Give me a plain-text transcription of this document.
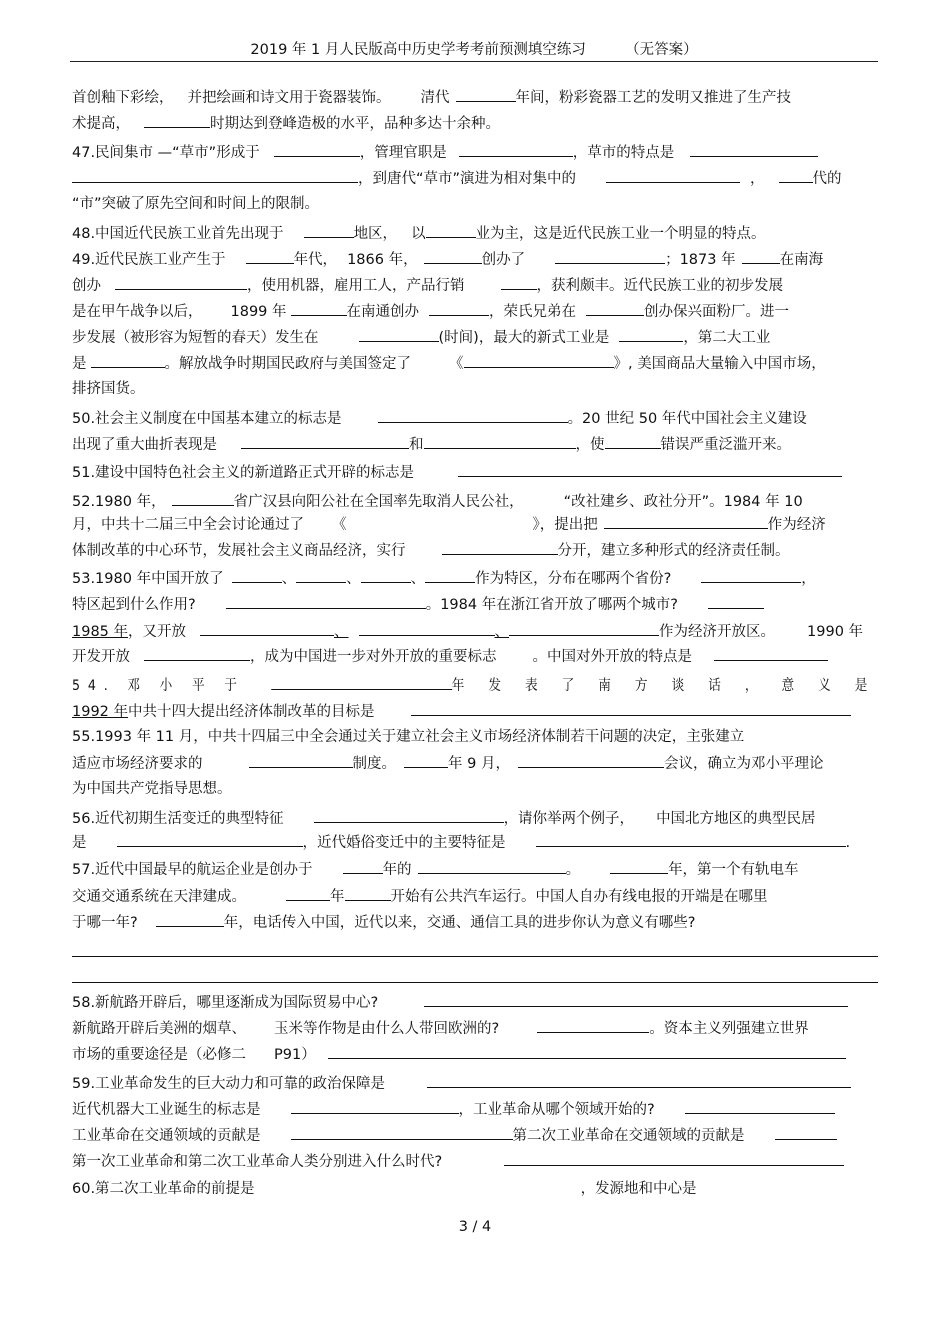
2019 年 1 月人民版高中历史学考考前预测填空练习	（无答案）
首创釉下彩绘， 并把绘画和诗文用于瓷器装饰。 清代	年间，粉彩瓷器工艺的发明又推进了生产技
术提高，	时期达到登峰造极的水平，品种多达十余种。
47.民间集市 —“草市”形成于	，管理官职是	，草市的特点是
，到唐代“草市”演进为相对集中的	，	代的
“市”突破了原先空间和时间上的限制。
48.中国近代民族工业首先出现于	地区， 以	业为主，这是近代民族工业一个明显的特点。
49.近代民族工业产生于	年代， 1866 年，	创办了	；1873 年	在南海
创办	，使用机器，雇用工人，产品行销	，获利颇丰。近代民族工业的初步发展
是在甲午战争以后， 1899 年	在南通创办	，荣氏兄弟在	创办保兴面粉厂。进一
步发展（被形容为短暂的春天）发生在	(时间)，最大的新式工业是	，第二大工业
是	。解放战争时期国民政府与美国签定了	《	》, 美国商品大量输入中国市场，
排挤国货。
50.社会主义制度在中国基本建立的标志是	。20 世纪 50 年代中国社会主义建设
出现了重大曲折表现是	和	，使	错误严重泛滥开来。
51.建设中国特色社会主义的新道路正式开辟的标志是
52.1980 年，	省广汉县向阳公社在全国率先取消人民公社，	“改社建乡、政社分开”。1984 年 10
月，中共十二届三中全会讨论通过了 《	》，提出把	作为经济
体制改革的中心环节，发展社会主义商品经济，实行	分开，建立多种形式的经济责任制。
53.1980 年中国开放了	、	、	、	作为特区，分布在哪两个省份?	，
特区起到什么作用?	。1984 年在浙江省开放了哪两个城市?
1985 年，又开放	、	、	作为经济开放区。 1990 年
开发开放	，成为中国进一步对外开放的重要标志 。中国对外开放的特点是
54. 邓 小 平 于	年 发 表 了 南 方 谈 话 ， 意 义 是
1992 年中共十四大提出经济体制改革的目标是
55.1993 年 11 月，中共十四届三中全会通过关于建立社会主义市场经济体制若干问题的决定，主张建立
适应市场经济要求的	制度。	年 9 月，	会议，确立为邓小平理论
为中国共产党指导思想。
56.近代初期生活变迁的典型特征	，请你举两个例子， 中国北方地区的典型民居
是	，近代婚俗变迁中的主要特征是	.
57.近代中国最早的航运企业是创办于	年的	。	年，第一个有轨电车
交通交通系统在天津建成。	年	开始有公共汽车运行。中国人自办有线电报的开端是在哪里
于哪一年?	年，电话传入中国，近代以来，交通、通信工具的进步你认为意义有哪些?
58.新航路开辟后，哪里逐渐成为国际贸易中心?
新航路开辟后美洲的烟草、 玉米等作物是由什么人带回欧洲的?	。资本主义列强建立世界
市场的重要途径是（必修二 P91）
59.工业革命发生的巨大动力和可靠的政治保障是
近代机器大工业诞生的标志是	，工业革命从哪个领域开始的?
工业革命在交通领域的贡献是	第二次工业革命在交通领域的贡献是
第一次工业革命和第二次工业革命人类分别进入什么时代?
60.第二次工业革命的前提是	，发源地和中心是
3 / 4
